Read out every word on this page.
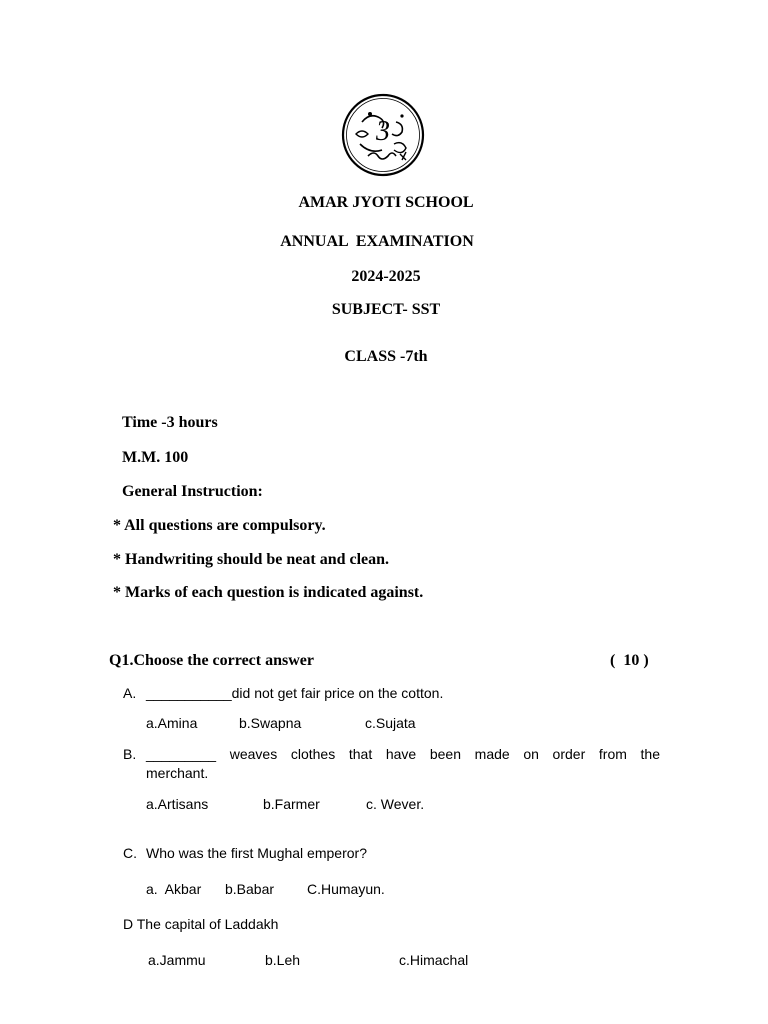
3
AMAR JYOTI SCHOOL
ANNUAL  EXAMINATION
2024-2025
SUBJECT- SST
CLASS -7th
Time -3 hours
M.M. 100
General Instruction:
* All questions are compulsory.
* Handwriting should be neat and clean.
* Marks of each question is indicated against.
Q1.Choose the correct answer	(  10 )
A. ___________did not get fair price on the cotton.
a.Amina	b.Swapna	c.Sujata
B. _________ weaves clothes that have been made on order from the
merchant.
a.Artisans	b.Farmer	c. Wever.
C. Who was the first Mughal emperor?
a.  Akbar b.Babar C.Humayun.
D The capital of Laddakh
a.Jammu	b.Leh	c.Himachal
